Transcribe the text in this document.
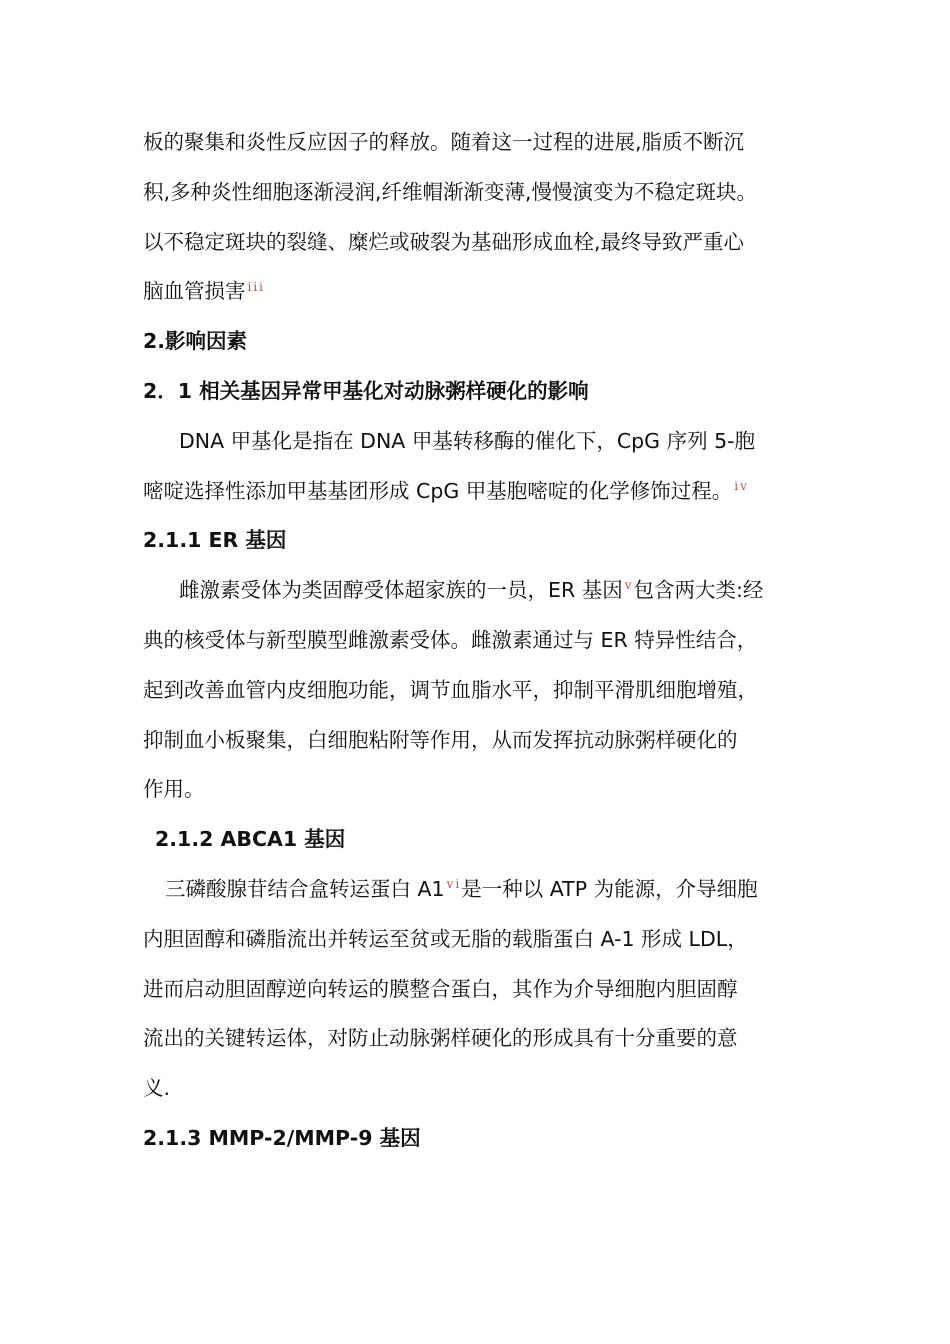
板的聚集和炎性反应因子的释放。随着这一过程的进展,脂质不断沉
积,多种炎性细胞逐渐浸润,纤维帽渐渐变薄,慢慢演变为不稳定斑块。
以不稳定斑块的裂缝、糜烂或破裂为基础形成血栓,最终导致严重心
脑血管损害 $^{iii}$
2.影响因素
2．1 相关基因异常甲基化对动脉粥样硬化的影响
DNA 甲基化是指在 DNA 甲基转移酶的催化下，CpG 序列 5-胞
嘧啶选择性添加甲基基团形成 CpG 甲基胞嘧啶的化学修饰过程。 $^{iv}$
2.1.1 ER 基因
雌激素受体为类固醇受体超家族的一员，ER 基因 $^v$包含两大类:经
典的核受体与新型膜型雌激素受体。雌激素通过与 ER 特异性结合，
起到改善血管内皮细胞功能，调节血脂水平，抑制平滑肌细胞增殖，
抑制血小板聚集，白细胞粘附等作用，从而发挥抗动脉粥样硬化的
作用。
2.1.2 ABCA1 基因
三磷酸腺苷结合盒转运蛋白 A1 $^{vi}$是一种以 ATP 为能源，介导细胞
内胆固醇和磷脂流出并转运至贫或无脂的载脂蛋白 A-1 形成 LDL，
进而启动胆固醇逆向转运的膜整合蛋白，其作为介导细胞内胆固醇
流出的关键转运体，对防止动脉粥样硬化的形成具有十分重要的意
义.
2.1.3 MMP-2/MMP-9 基因
